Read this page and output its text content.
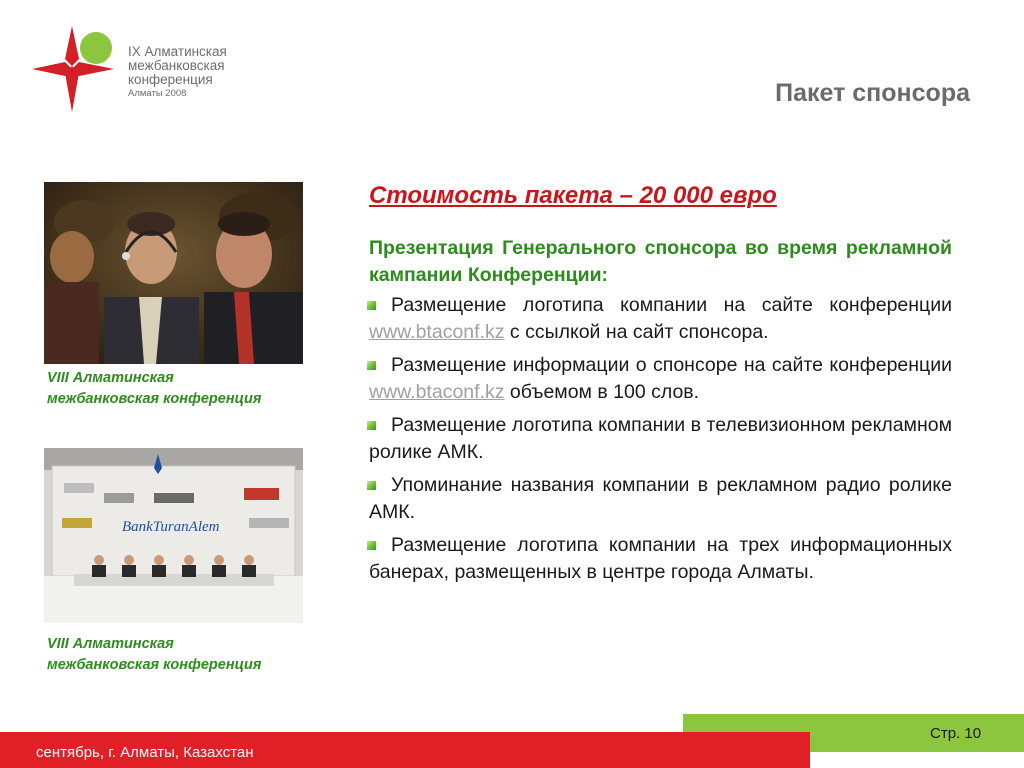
IX Алматинская
межбанковская
конференция
Алматы 2008	Пакет спонсора
VIII Алматинская
межбанковская конференция
BankTuranAlem
VIII Алматинская
межбанковская конференция

Стоимость пакета – 20 000 евро

Презентация Генерального спонсора во время рекламной кампании Конференции:

Размещение логотипа компании на сайте конференции www.btaconf.kz с ссылкой на сайт спонсора.

Размещение информации о спонсоре на сайте конференции www.btaconf.kz объемом в 100 слов.

Размещение логотипа компании в телевизионном рекламном ролике АМК.

Упоминание названия компании в рекламном радио ролике АМК.

Размещение логотипа компании на трех информационных банерах, размещенных в центре города Алматы.

сентябрь, г. Алматы, Казахстан
Стр. 10
